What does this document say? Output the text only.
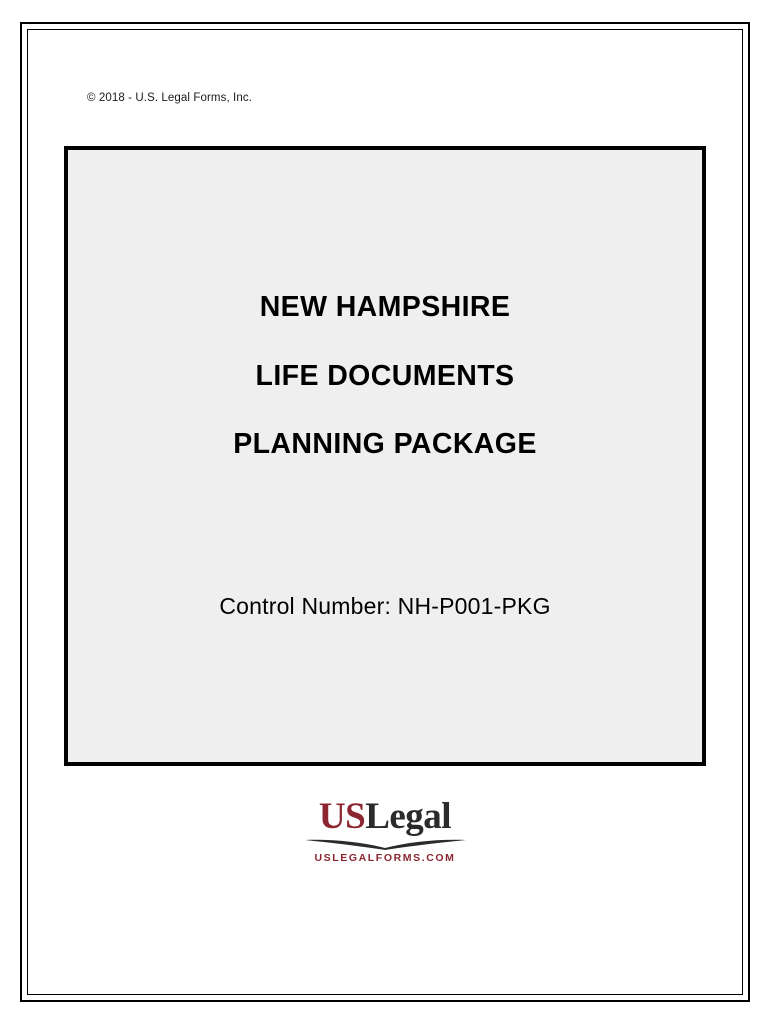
© 2018 - U.S. Legal Forms, Inc.
NEW HAMPSHIRE
LIFE DOCUMENTS
PLANNING PACKAGE
Control Number: NH-P001-PKG
USLegal
USLEGALFORMS.COM
